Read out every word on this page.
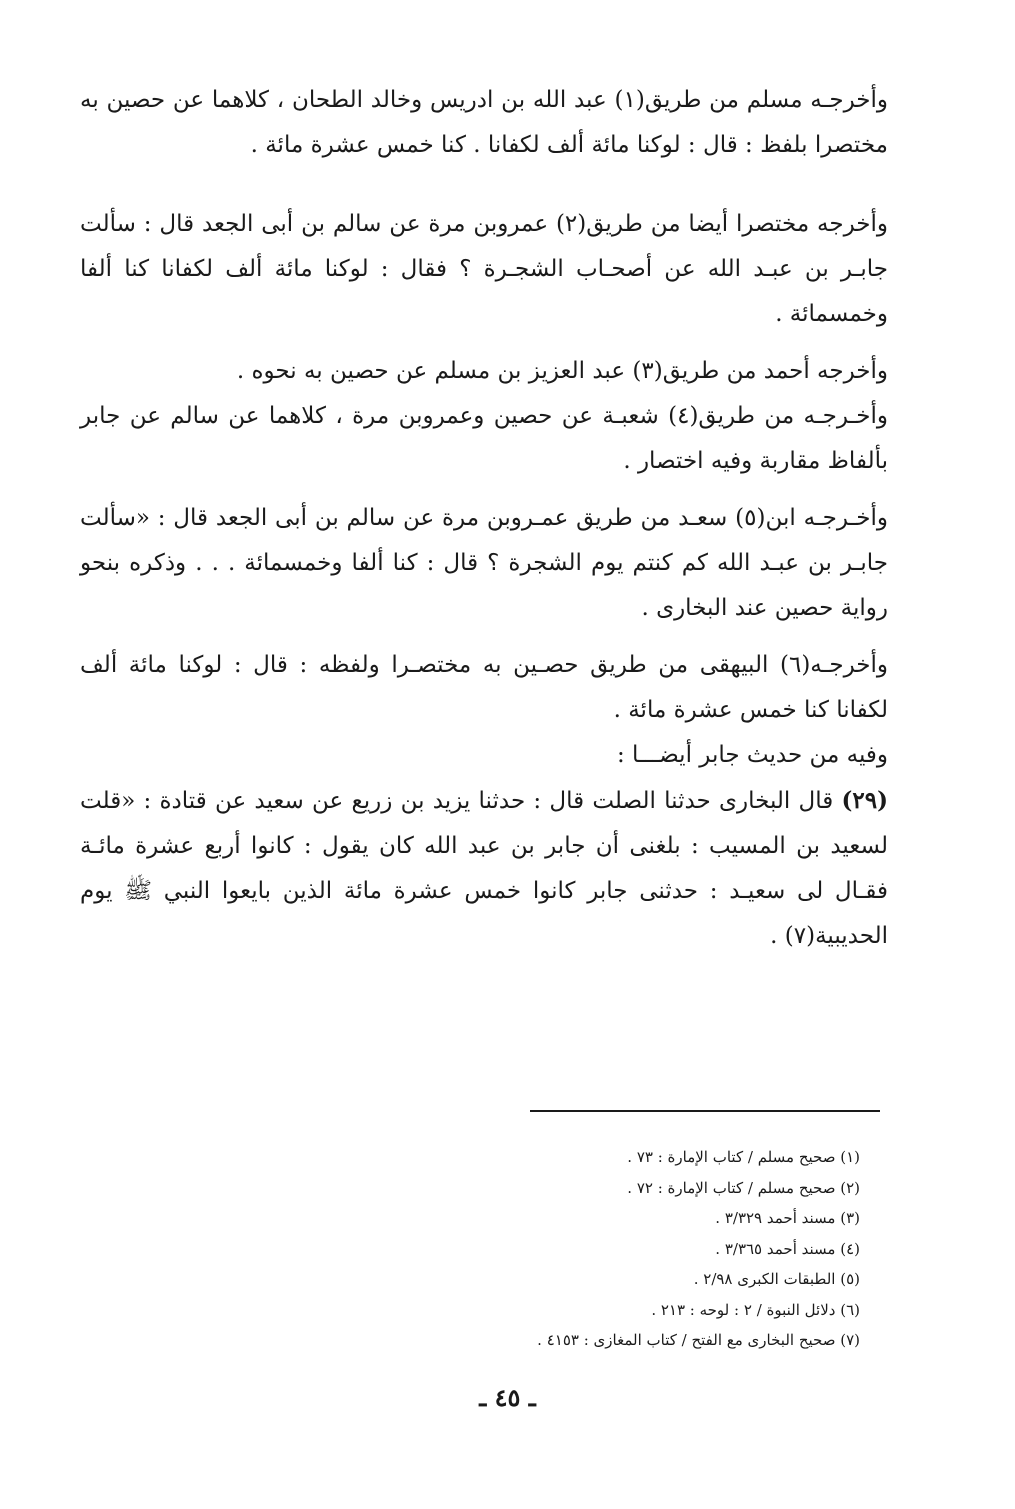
وأخرجـه مسلم من طريق(١) عبد الله بن ادريس وخالد الطحان ، كلاهما عن حصين به مختصرا بلفظ : قال : لوكنا مائة ألف لكفانا . كنا خمس عشرة مائة .

وأخرجه مختصرا أيضا من طريق(٢) عمروبن مرة عن سالم بن أبى الجعد قال : سألت جابـر بن عبـد الله عن أصحـاب الشجـرة ؟ فقال : لوكنا مائة ألف لكفانا كنا ألفا وخمسمائة .

وأخرجه أحمد من طريق(٣) عبد العزيز بن مسلم عن حصين به نحوه .

وأخـرجـه من طريق(٤) شعبـة عن حصين وعمروبن مرة ، كلاهما عن سالم عن جابر بألفاظ مقاربة وفيه اختصار .

وأخـرجـه ابن(٥) سعـد من طريق عمـروبن مرة عن سالم بن أبى الجعد قال : «سألت جابـر بن عبـد الله كم كنتم يوم الشجرة ؟ قال : كنا ألفا وخمسمائة . . . وذكره بنحو رواية حصين عند البخارى .

وأخرجـه(٦) البيهقى من طريق حصـين به مختصـرا ولفظه : قال : لوكنا مائة ألف لكفانا كنا خمس عشرة مائة .

وفيه من حديث جابر أيضـــا :

(٢٩) قال البخارى حدثنا الصلت قال : حدثنا يزيد بن زريع عن سعيد عن قتادة : «قلت لسعيد بن المسيب : بلغنى أن جابر بن عبد الله كان يقول : كانوا أربع عشرة مائـة فقـال لى سعيـد : حدثنى جابر كانوا خمس عشرة مائة الذين بايعوا النبي ﷺ يوم الحديبية(٧) .

(١) صحيح مسلم / كتاب الإمارة : ٧٣ .
(٢) صحيح مسلم / كتاب الإمارة : ٧٢ .
(٣) مسند أحمد ٣/٣٢٩ .
(٤) مسند أحمد ٣/٣٦٥ .
(٥) الطبقات الكبرى ٢/٩٨ .
(٦) دلائل النبوة / ٢ : لوحه : ٢١٣ .
(٧) صحيح البخارى مع الفتح / كتاب المغازى : ٤١٥٣ .
ـ ٤٥ ـ
